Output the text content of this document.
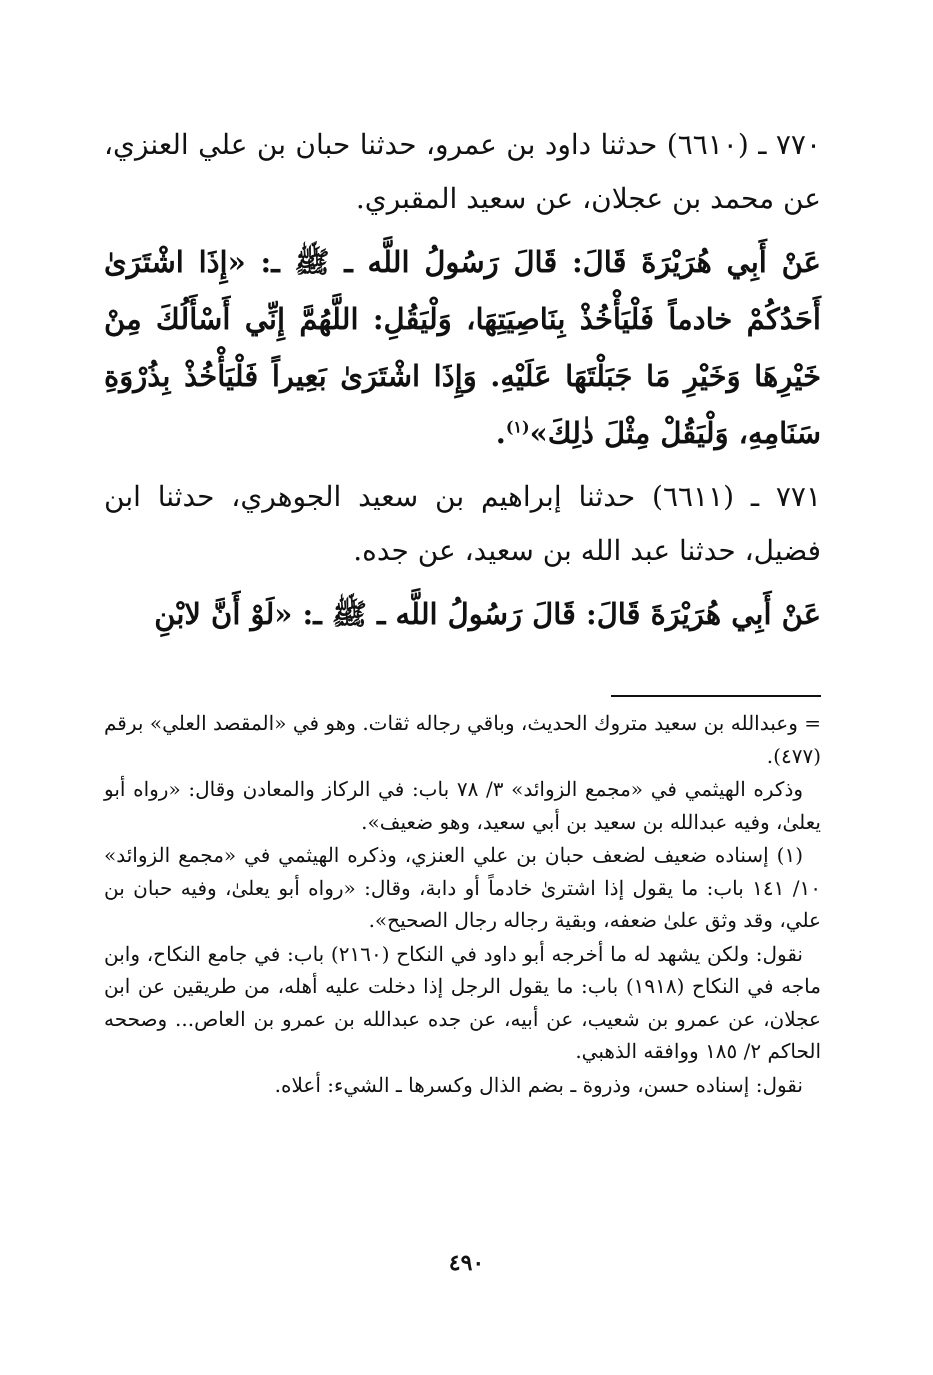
٧٧٠ ـ (٦٦١٠) حدثنا داود بن عمرو، حدثنا حبان بن علي العنزي، عن محمد بن عجلان، عن سعيد المقبري.

عَنْ أَبِي هُرَيْرَةَ قَالَ: قَالَ رَسُولُ اللَّه ـ ﷺ ـ: «إِذَا اشْتَرَىٰ أَحَدُكُمْ خادماً فَلْيَأْخُذْ بِنَاصِيَتِهَا، وَلْيَقُلِ: اللَّهُمَّ إِنِّي أَسْأَلُكَ مِنْ خَيْرِهَا وَخَيْرِ مَا جَبَلْتَهَا عَلَيْهِ. وَإِذَا اشْتَرَىٰ بَعِيراً فَلْيَأْخُذْ بِذُرْوَةِ سَنَامِهِ، وَلْيَقُلْ مِثْلَ ذٰلِكَ»$^{(١)}$.

٧٧١ ـ (٦٦١١) حدثنا إبراهيم بن سعيد الجوهري، حدثنا ابن فضيل، حدثنا عبد الله بن سعيد، عن جده.

عَنْ أَبِي هُرَيْرَةَ قَالَ: قَالَ رَسُولُ اللَّه ـ ﷺ ـ: «لَوْ أَنَّ لابْنِ

= وعبدالله بن سعيد متروك الحديث، وباقي رجاله ثقات. وهو في «المقصد العلي» برقم (٤٧٧).

وذكره الهيثمي في «مجمع الزوائد» ٣/ ٧٨ باب: في الركاز والمعادن وقال: «رواه أبو يعلىٰ، وفيه عبدالله بن سعيد بن أبي سعيد، وهو ضعيف».

(١) إسناده ضعيف لضعف حبان بن علي العنزي، وذكره الهيثمي في «مجمع الزوائد» ١٠/ ١٤١ باب: ما يقول إذا اشترىٰ خادماً أو دابة، وقال: «رواه أبو يعلىٰ، وفيه حبان بن علي، وقد وثق علىٰ ضعفه، وبقية رجاله رجال الصحيح».

نقول: ولكن يشهد له ما أخرجه أبو داود في النكاح (٢١٦٠) باب: في جامع النكاح، وابن ماجه في النكاح (١٩١٨) باب: ما يقول الرجل إذا دخلت عليه أهله، من طريقين عن ابن عجلان، عن عمرو بن شعيب، عن أبيه، عن جده عبدالله بن عمرو بن العاص... وصححه الحاكم ٢/ ١٨٥ ووافقه الذهبي.

نقول: إسناده حسن، وذروة ـ بضم الذال وكسرها ـ الشيء: أعلاه.

٤٩٠
